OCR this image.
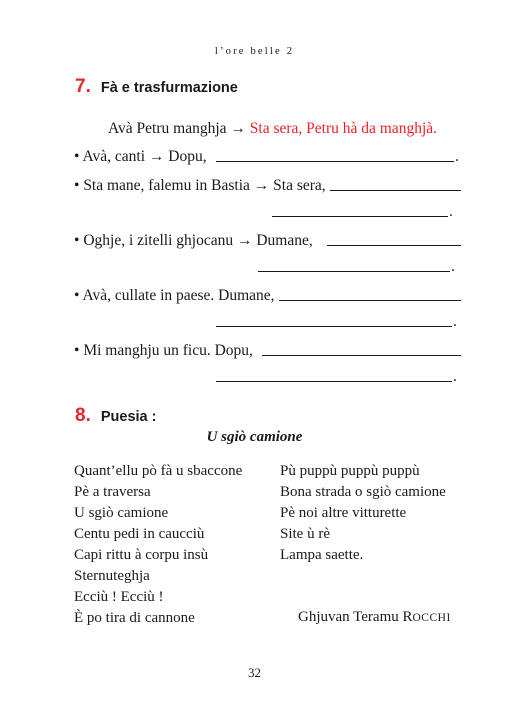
l’ore belle 2
7. Fà e trasfurmazione
Avà Petru manghja → Sta sera, Petru hà da manghjà.
• Avà, canti → Dopu,	.
• Sta mane, falemu in Bastia → Sta sera,
.
• Oghje, i zitelli ghjocanu → Dumane,
.
• Avà, cullate in paese. Dumane,
.
• Mi manghju un ficu. Dopu,
.
8. Puesia :
U sgiò camione
Quant’ellu pò fà u sbaccone
Pè a traversa
U sgiò camione
Centu pedi in caucciù
Capi rittu à corpu insù
Sternuteghja
Ecciù ! Ecciù !
È po tira di cannone
Pù puppù puppù puppù
Bona strada o sgiò camione
Pè noi altre vitturette
Site ù rè
Lampa saette.
Ghjuvan Teramu ROCCHI
32
